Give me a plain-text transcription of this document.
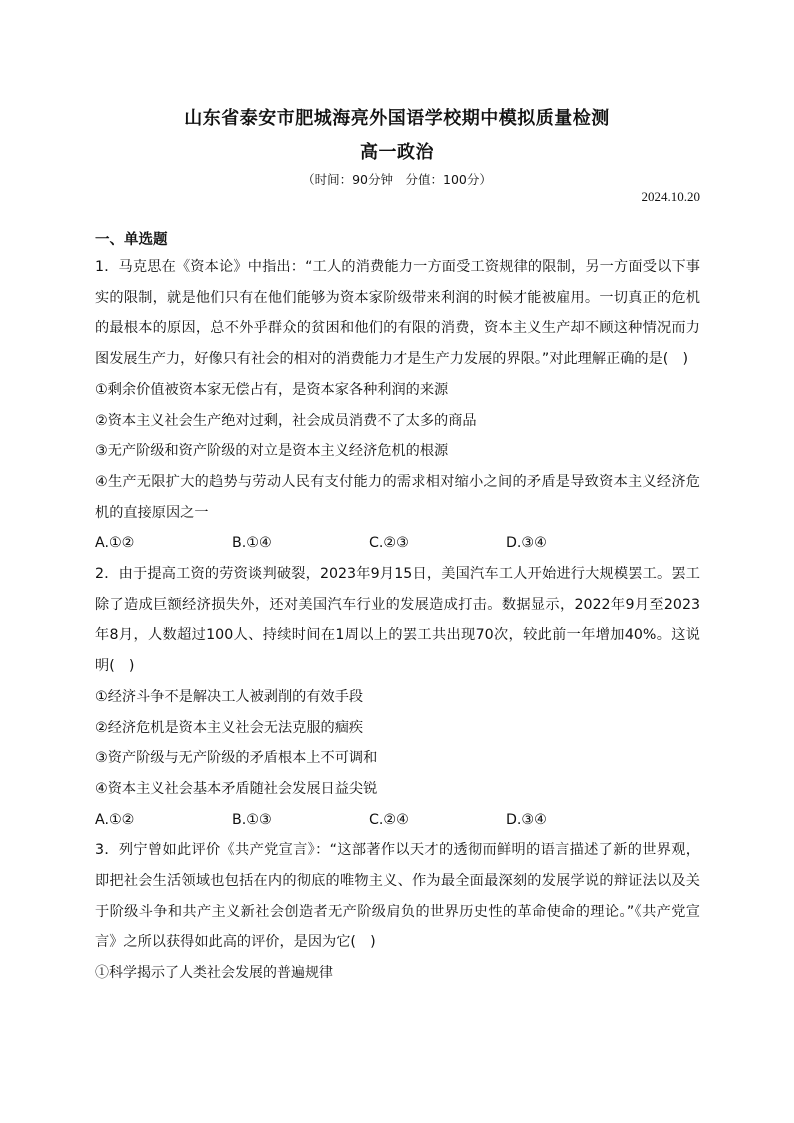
山东省泰安市肥城海亮外国语学校期中模拟质量检测
高一政治
（时间：90分钟　分值：100分）
2024.10.20
一、单选题

1．马克思在《资本论》中指出：“工人的消费能力一方面受工资规律的限制，另一方面受以下事实的限制，就是他们只有在他们能够为资本家阶级带来利润的时候才能被雇用。一切真正的危机的最根本的原因，总不外乎群众的贫困和他们的有限的消费，资本主义生产却不顾这种情况而力图发展生产力，好像只有社会的相对的消费能力才是生产力发展的界限。”对此理解正确的是(　)

①剩余价值被资本家无偿占有，是资本家各种利润的来源

②资本主义社会生产绝对过剩，社会成员消费不了太多的商品

③无产阶级和资产阶级的对立是资本主义经济危机的根源

④生产无限扩大的趋势与劳动人民有支付能力的需求相对缩小之间的矛盾是导致资本主义经济危机的直接原因之一

A.①②	B.①④	C.②③	D.③④

2．由于提高工资的劳资谈判破裂，2023年9月15日，美国汽车工人开始进行大规模罢工。罢工除了造成巨额经济损失外，还对美国汽车行业的发展造成打击。数据显示，2022年9月至2023年8月，人数超过100人、持续时间在1周以上的罢工共出现70次，较此前一年增加40%。这说明(　)

①经济斗争不是解决工人被剥削的有效手段

②经济危机是资本主义社会无法克服的痼疾

③资产阶级与无产阶级的矛盾根本上不可调和

④资本主义社会基本矛盾随社会发展日益尖锐

A.①②	B.①③	C.②④	D.③④

3．列宁曾如此评价《共产党宣言》：“这部著作以天才的透彻而鲜明的语言描述了新的世界观，即把社会生活领域也包括在内的彻底的唯物主义、作为最全面最深刻的发展学说的辩证法以及关于阶级斗争和共产主义新社会创造者无产阶级肩负的世界历史性的革命使命的理论。”《共产党宣言》之所以获得如此高的评价，是因为它(　)

①科学揭示了人类社会发展的普遍规律
